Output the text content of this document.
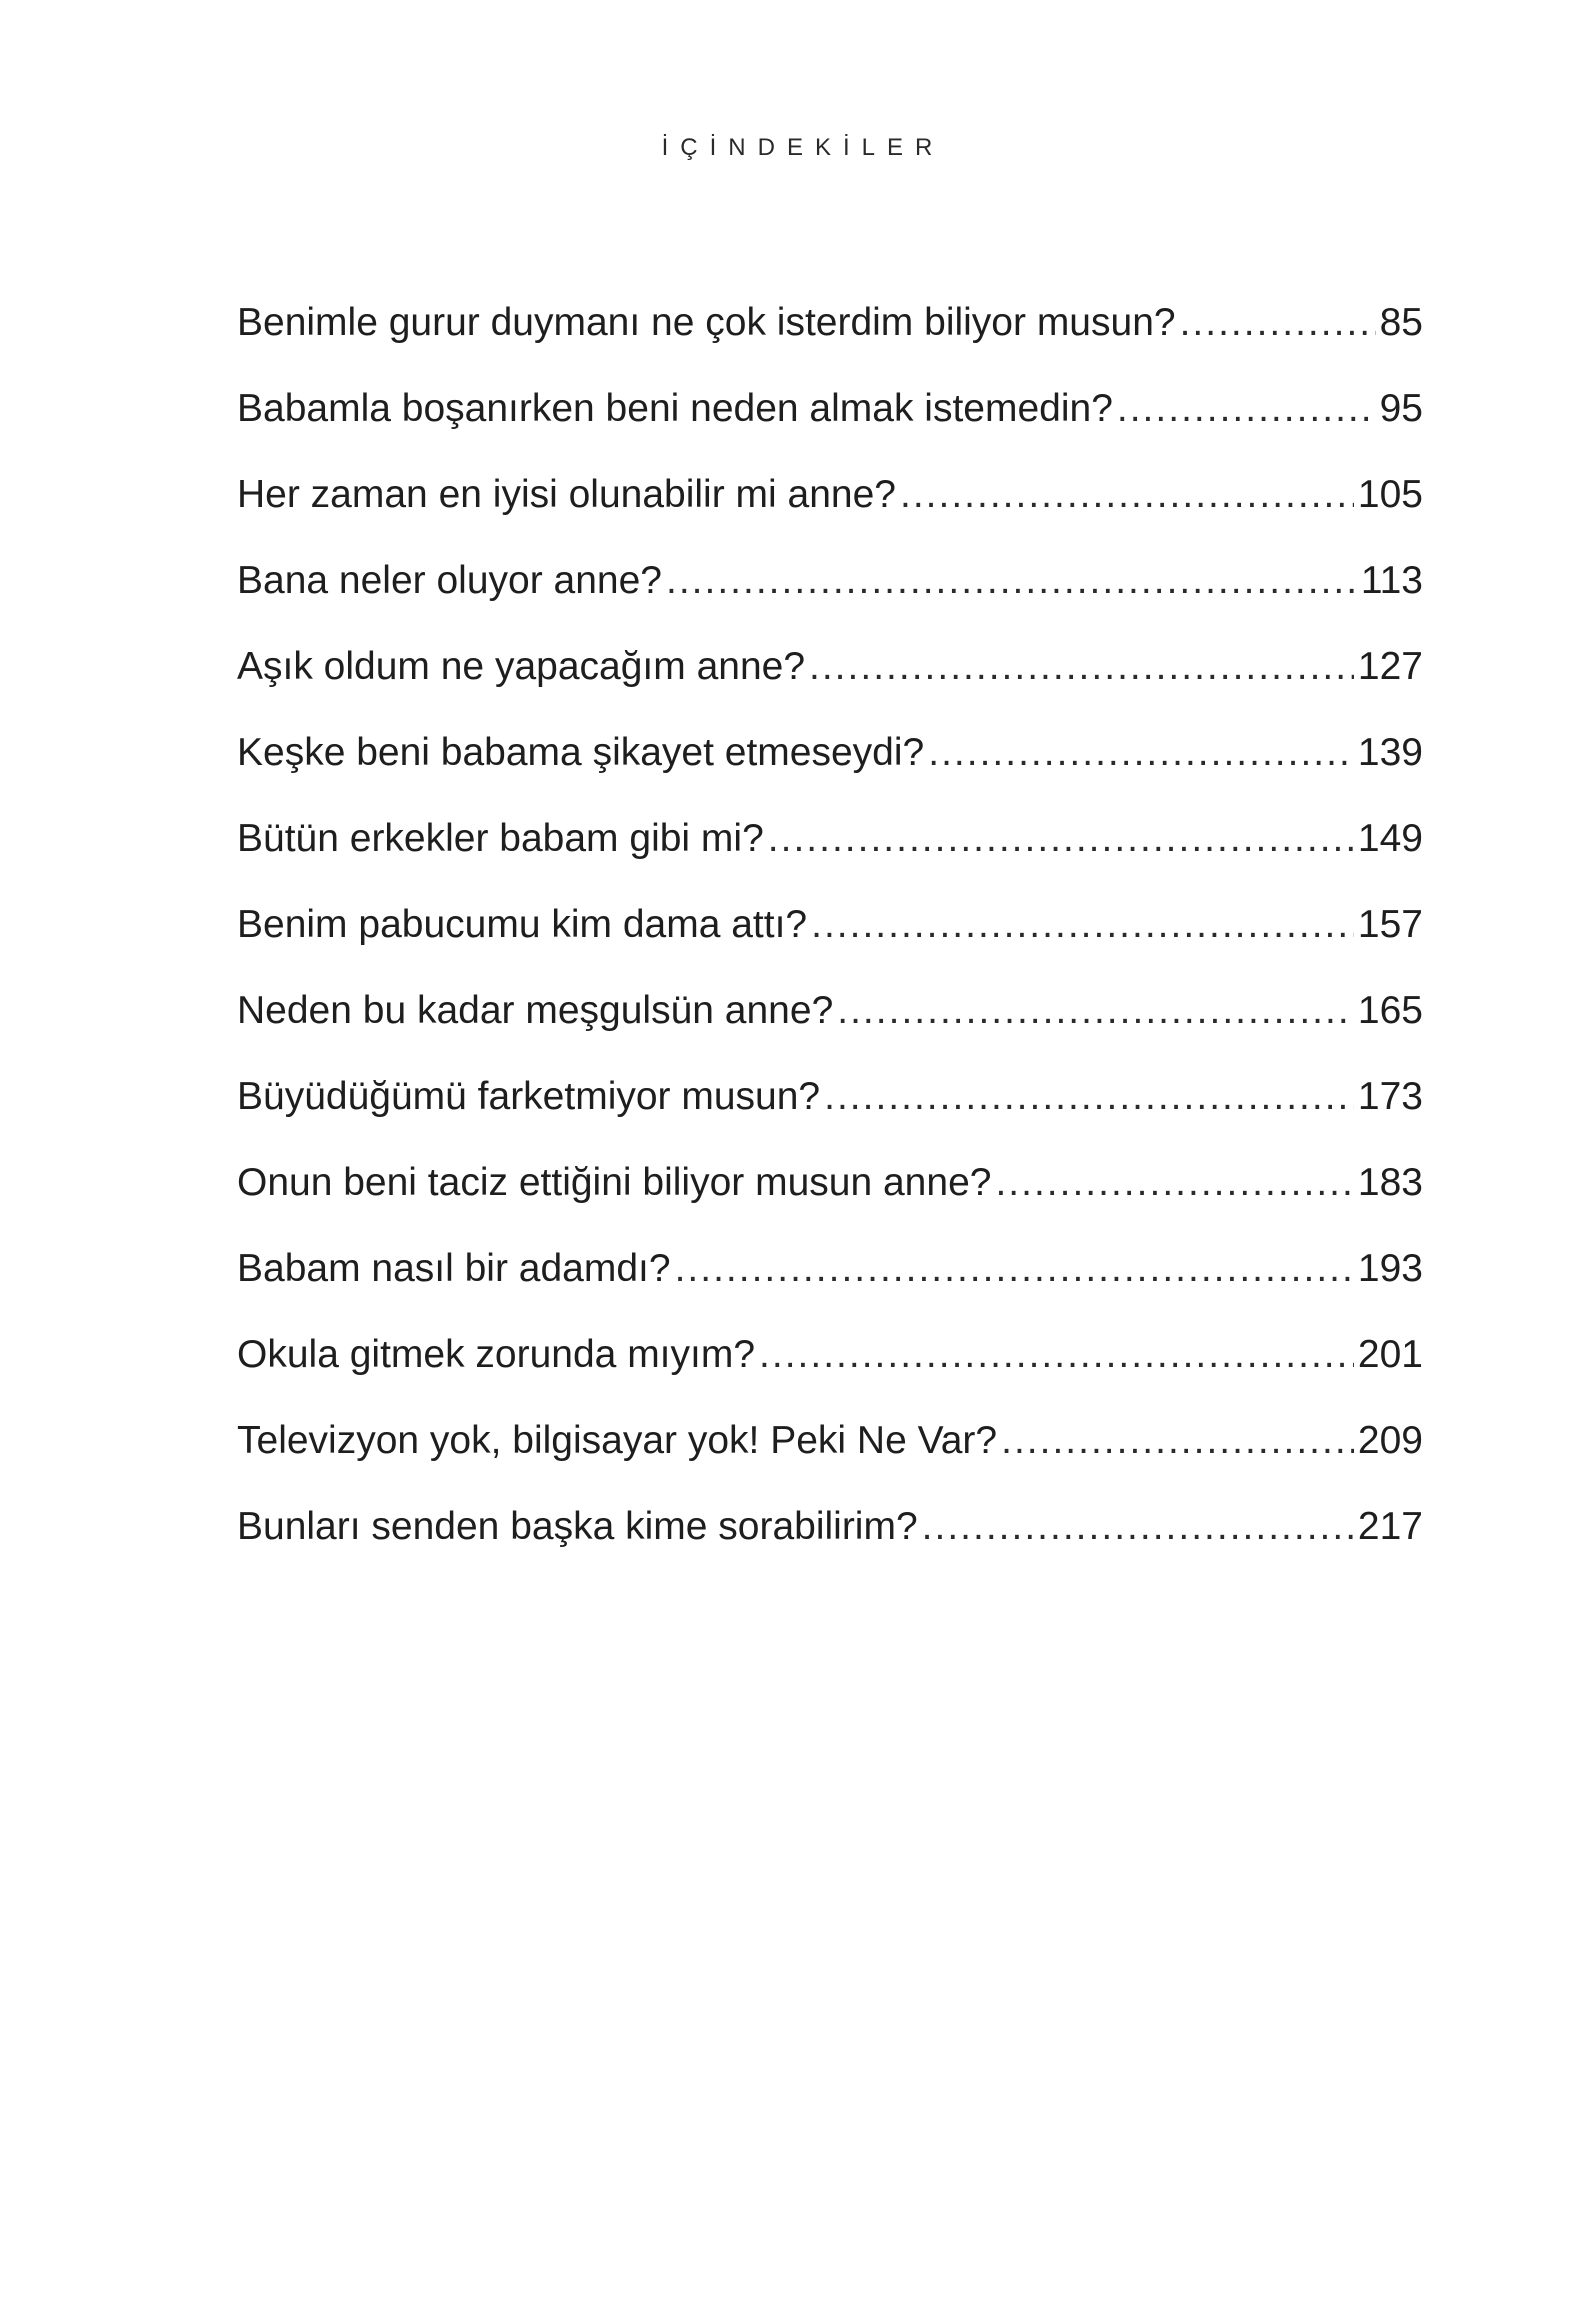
İÇİNDEKİLER
Benimle gurur duymanı ne çok isterdim biliyor musun? .....	85
Babamla boşanırken beni neden almak istemedin? .....	95
Her zaman en iyisi olunabilir mi anne? .....	105
Bana neler oluyor anne? .....	113
Aşık oldum ne yapacağım anne? .....	127
Keşke beni babama şikayet etmeseydi? .....	139
Bütün erkekler babam gibi mi? .....	149
Benim pabucumu kim dama attı? .....	157
Neden bu kadar meşgulsün anne? .....	165
Büyüdüğümü farketmiyor musun? .....	173
Onun beni taciz ettiğini biliyor musun anne? .....	183
Babam nasıl bir adamdı? .....	193
Okula gitmek zorunda mıyım? .....	201
Televizyon yok, bilgisayar yok! Peki Ne Var? .....	209
Bunları senden başka kime sorabilirim? .....	217
